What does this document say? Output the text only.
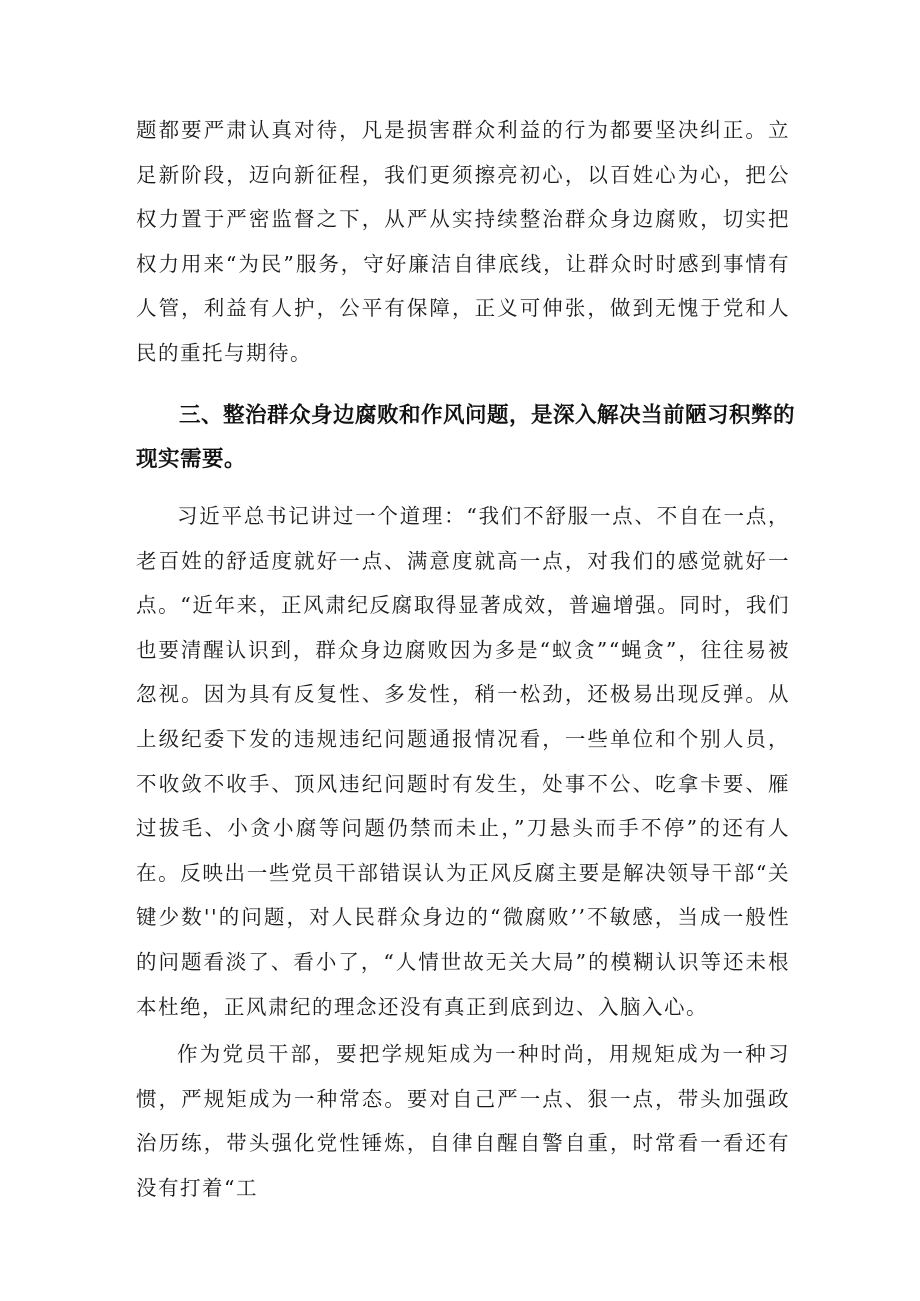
题都要严肃认真对待，凡是损害群众利益的行为都要坚决纠正。立足新阶段，迈向新征程，我们更须擦亮初心，以百姓心为心，把公权力置于严密监督之下，从严从实持续整治群众身边腐败，切实把权力用来“为民”服务，守好廉洁自律底线，让群众时时感到事情有人管，利益有人护，公平有保障，正义可伸张，做到无愧于党和人民的重托与期待。

三、整治群众身边腐败和作风问题，是深入解决当前陋习积弊的现实需要。

习近平总书记讲过一个道理：“我们不舒服一点、不自在一点，老百姓的舒适度就好一点、满意度就高一点，对我们的感觉就好一点。“近年来，正风肃纪反腐取得显著成效，普遍增强。同时，我们也要清醒认识到，群众身边腐败因为多是“蚁贪”“蝇贪”，往往易被忽视。因为具有反复性、多发性，稍一松劲，还极易出现反弹。从上级纪委下发的违规违纪问题通报情况看，一些单位和个别人员，不收敛不收手、顶风违纪问题时有发生，处事不公、吃拿卡要、雁过拔毛、小贪小腐等问题仍禁而未止，”刀悬头而手不停”的还有人在。反映出一些党员干部错误认为正风反腐主要是解决领导干部“关键少数''的问题，对人民群众身边的“微腐败’’不敏感，当成一般性的问题看淡了、看小了，“人情世故无关大局”的模糊认识等还未根本杜绝，正风肃纪的理念还没有真正到底到边、入脑入心。

作为党员干部，要把学规矩成为一种时尚，用规矩成为一种习惯，严规矩成为一种常态。要对自己严一点、狠一点，带头加强政治历练，带头强化党性锤炼，自律自醒自警自重，时常看一看还有没有打着“工
